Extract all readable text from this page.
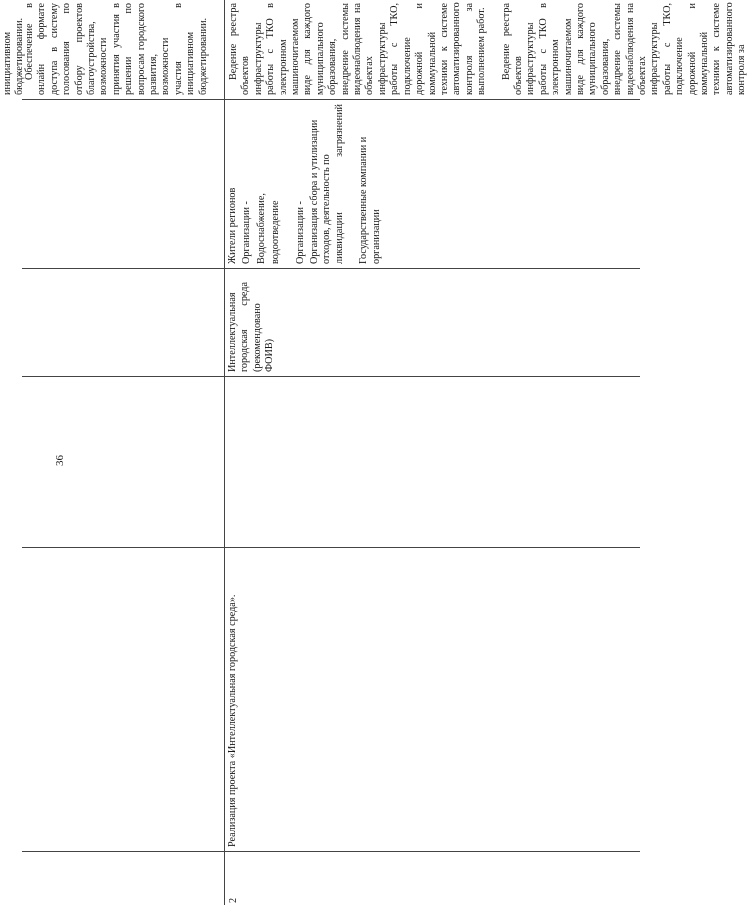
36
2
Реализация проекта «Интеллектуальная городская среда».
Интеллектуальная городская среда (рекомендовано ФОИВ)

Жители регионов Организации - Водоснабжение, водоотведение Организации - Организация сбора и утилизации отходов, деятельность по ликвидации загрязнений Государственные компании и организации

инициативном бюджетировании.

Обеспечение в онлайн формате доступа в систему голосования по отбору проектов благоустройства, возможности принятия участия в решении по вопросам городского развития, возможности участия в инициативном бюджетировании. Ведение реестра объектов инфраструктуры работы с ТКО в электронном машиночитаемом виде для каждого муниципального образования, внедрение системы видеонаблюдения на объектах инфраструктуры работы с ТКО, подключение дорожной и коммунальной техники к системе автоматизированного контроля за выполнением работ. Ведение реестра объектов инфраструктуры работы с ТКО в электронном машиночитаемом виде для каждого муниципального образования, внедрение системы видеонаблюдения на объектах инфраструктуры работы с ТКО, подключение дорожной и коммунальной техники к системе автоматизированного контроля за
